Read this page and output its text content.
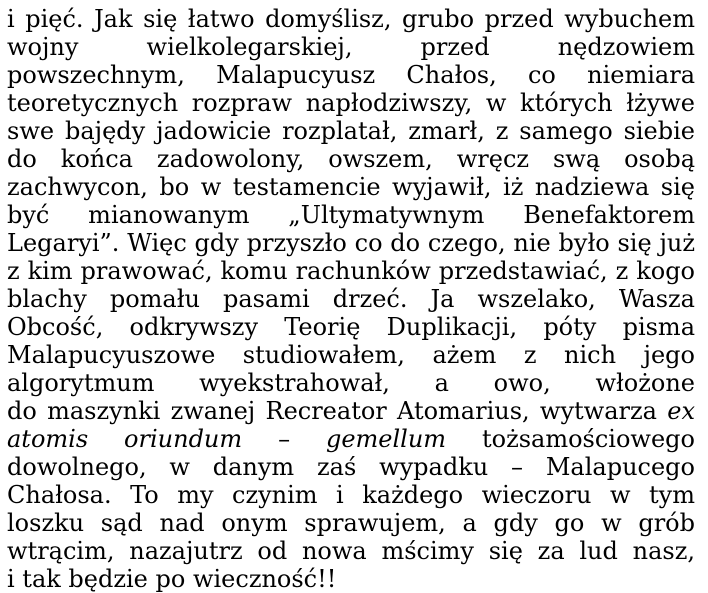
i pięć. Jak się łatwo domyślisz, grubo przed wybuchem
wojny wielkolegarskiej, przed nędzowiem
powszechnym, Malapucyusz Chałos, co niemiara
teoretycznych rozpraw napłodziwszy, w których łżywe
swe bajędy jadowicie rozplatał, zmarł, z samego siebie
do końca zadowolony, owszem, wręcz swą osobą
zachwycon, bo w testamencie wyjawił, iż nadziewa się
być mianowanym „Ultymatywnym Benefaktorem
Legaryi”. Więc gdy przyszło co do czego, nie było się już
z kim prawować, komu rachunków przedstawiać, z kogo
blachy pomału pasami drzeć. Ja wszelako, Wasza
Obcość, odkrywszy Teorię Duplikacji, póty pisma
Malapucyuszowe studiowałem, ażem z nich jego
algorytmum wyekstrahował, a owo, włożone
do maszynki zwanej Recreator Atomarius, wytwarza ex
atomis oriundum – gemellum tożsamościowego
dowolnego, w danym zaś wypadku – Malapucego
Chałosa. To my czynim i każdego wieczoru w tym
loszku sąd nad onym sprawujem, a gdy go w grób
wtrącim, nazajutrz od nowa mścimy się za lud nasz,
i tak będzie po wieczność!!
